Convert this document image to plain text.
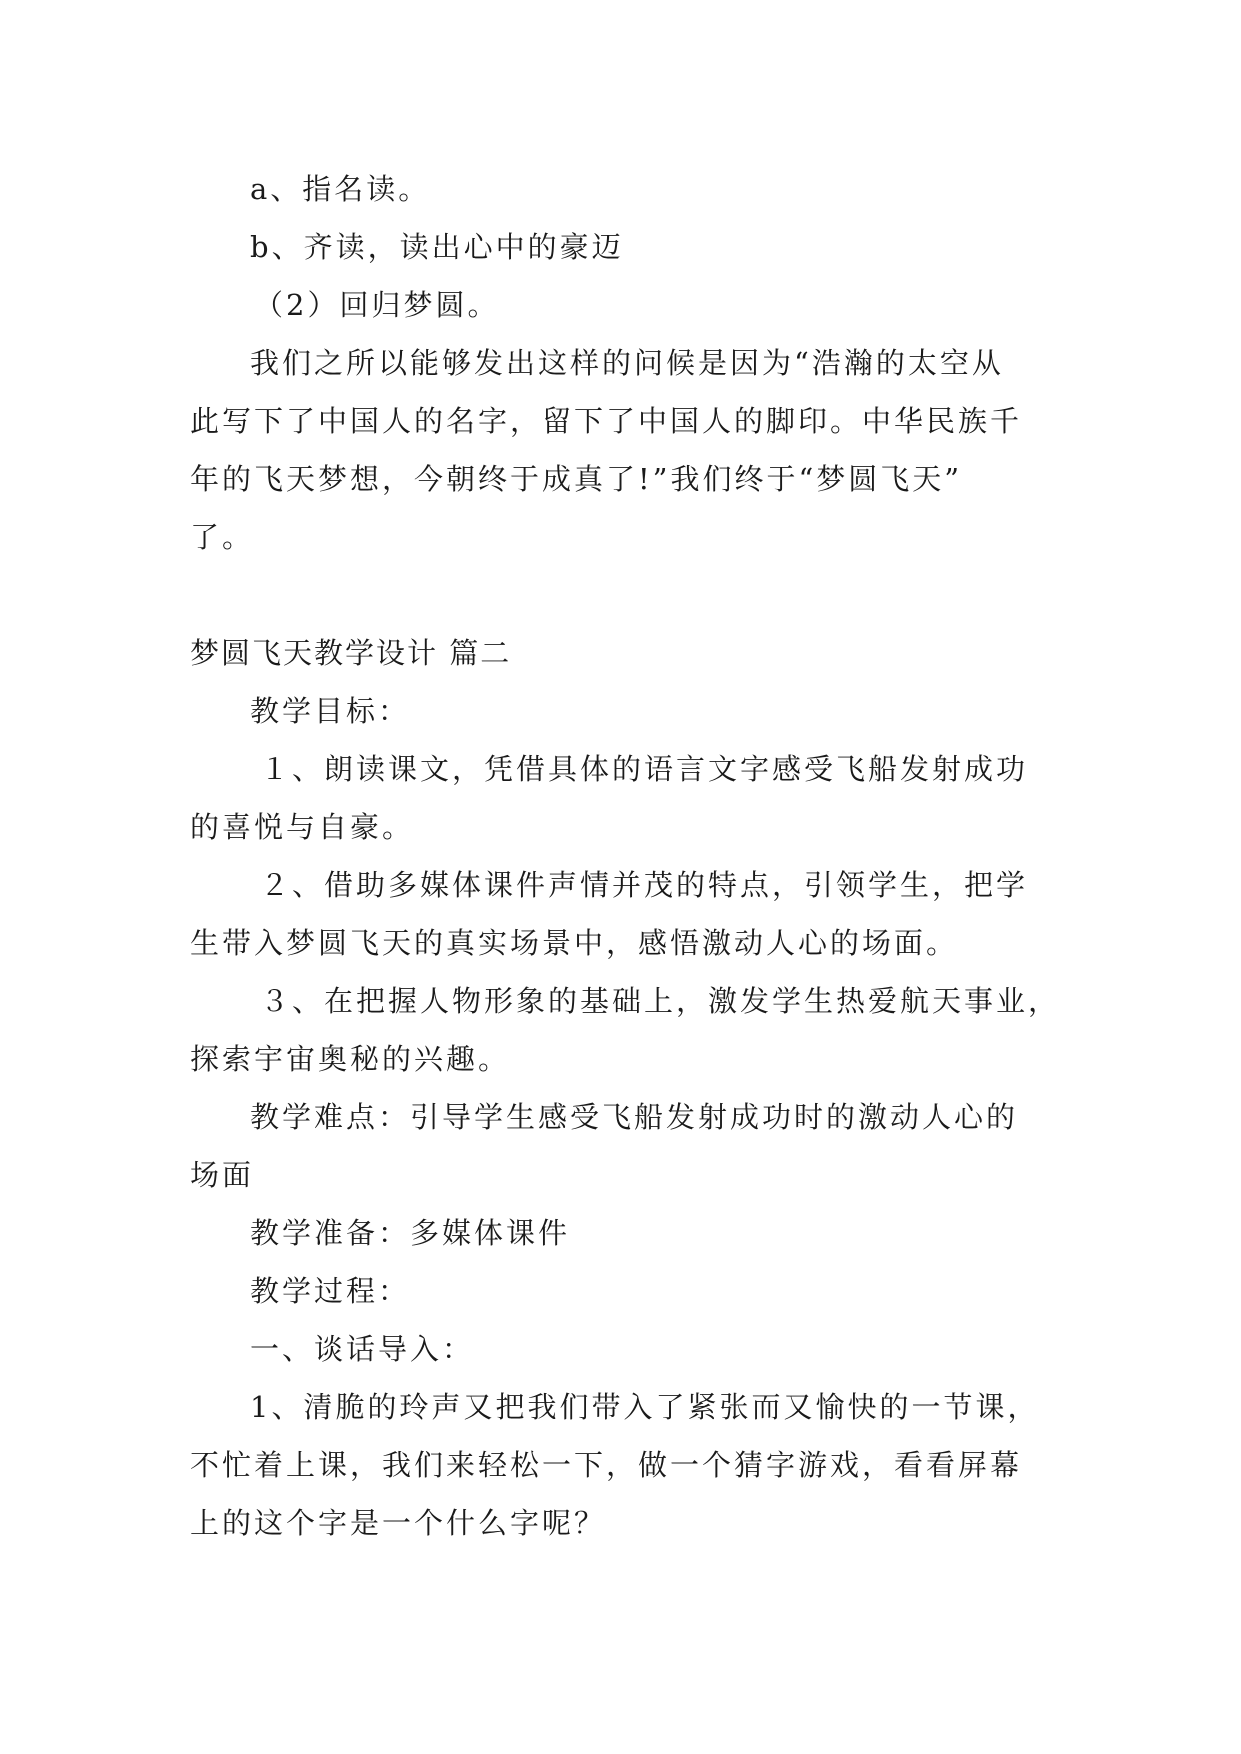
a、指名读。
b、齐读，读出心中的豪迈
（2）回归梦圆。
我们之所以能够发出这样的问候是因为“浩瀚的太空从
此写下了中国人的名字，留下了中国人的脚印。中华民族千
年的飞天梦想，今朝终于成真了!”我们终于“梦圆飞天”
了。
梦圆飞天教学设计 篇二
教学目标：
１、朗读课文，凭借具体的语言文字感受飞船发射成功
的喜悦与自豪。
２、借助多媒体课件声情并茂的特点，引领学生，把学
生带入梦圆飞天的真实场景中，感悟激动人心的场面。
３、在把握人物形象的基础上，激发学生热爱航天事业，
探索宇宙奥秘的兴趣。
教学难点：引导学生感受飞船发射成功时的激动人心的
场面
教学准备：多媒体课件
教学过程：
一、谈话导入：
1、清脆的玲声又把我们带入了紧张而又愉快的一节课，
不忙着上课，我们来轻松一下，做一个猜字游戏，看看屏幕
上的这个字是一个什么字呢？
